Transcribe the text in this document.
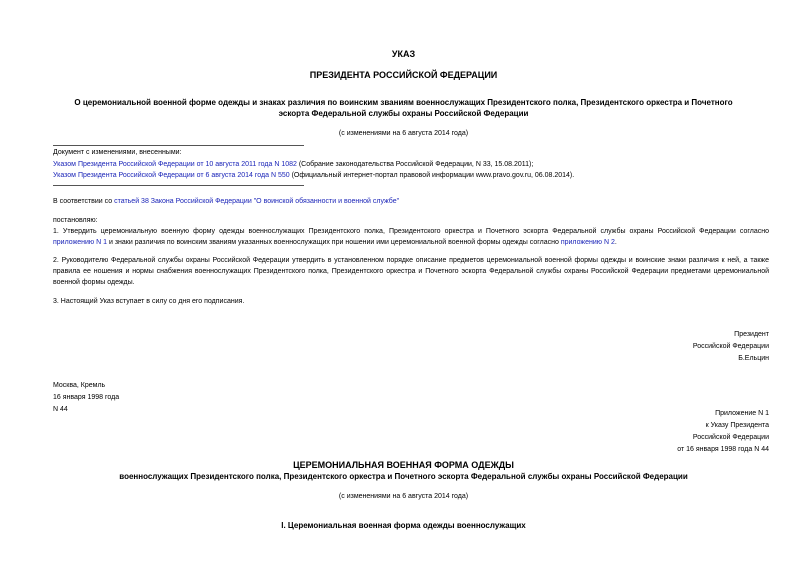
УКАЗ
ПРЕЗИДЕНТА РОССИЙСКОЙ ФЕДЕРАЦИИ
О церемониальной военной форме одежды и знаках различия по воинским званиям военнослужащих Президентского полка, Президентского оркестра и Почетного
эскорта Федеральной службы охраны Российской Федерации
(с изменениями на 6 августа 2014 года)
Документ с изменениями, внесенными:
Указом Президента Российской Федерации от 10 августа 2011 года N 1082 (Собрание законодательства Российской Федерации, N 33, 15.08.2011);
Указом Президента Российской Федерации от 6 августа 2014 года N 550 (Официальный интернет-портал правовой информации www.pravo.gov.ru, 06.08.2014).
В соответствии со статьей 38 Закона Российской Федерации "О воинской обязанности и военной службе"
постановляю:
1. Утвердить церемониальную военную форму одежды военнослужащих Президентского полка, Президентского оркестра и Почетного эскорта Федеральной службы охраны Российской Федерации согласно приложению N 1 и знаки различия по воинским званиям указанных военнослужащих при ношении ими церемониальной военной формы одежды согласно приложению N 2.
2. Руководителю Федеральной службы охраны Российской Федерации утвердить в установленном порядке описание предметов церемониальной военной формы одежды и воинские знаки различия к ней, а также правила ее ношения и нормы снабжения военнослужащих Президентского полка, Президентского оркестра и Почетного эскорта Федеральной службы охраны Российской Федерации предметами церемониальной военной формы одежды.
3. Настоящий Указ вступает в силу со дня его подписания.
Президент
Российской Федерации
Б.Ельцин
Москва, Кремль
16 января 1998 года
N 44
Приложение N 1
к Указу Президента
Российской Федерации
от 16 января 1998 года N 44
ЦЕРЕМОНИАЛЬНАЯ ВОЕННАЯ ФОРМА ОДЕЖДЫ
военнослужащих Президентского полка, Президентского оркестра и Почетного эскорта Федеральной службы охраны Российской Федерации
(с изменениями на 6 августа 2014 года)
I. Церемониальная военная форма одежды военнослужащих
